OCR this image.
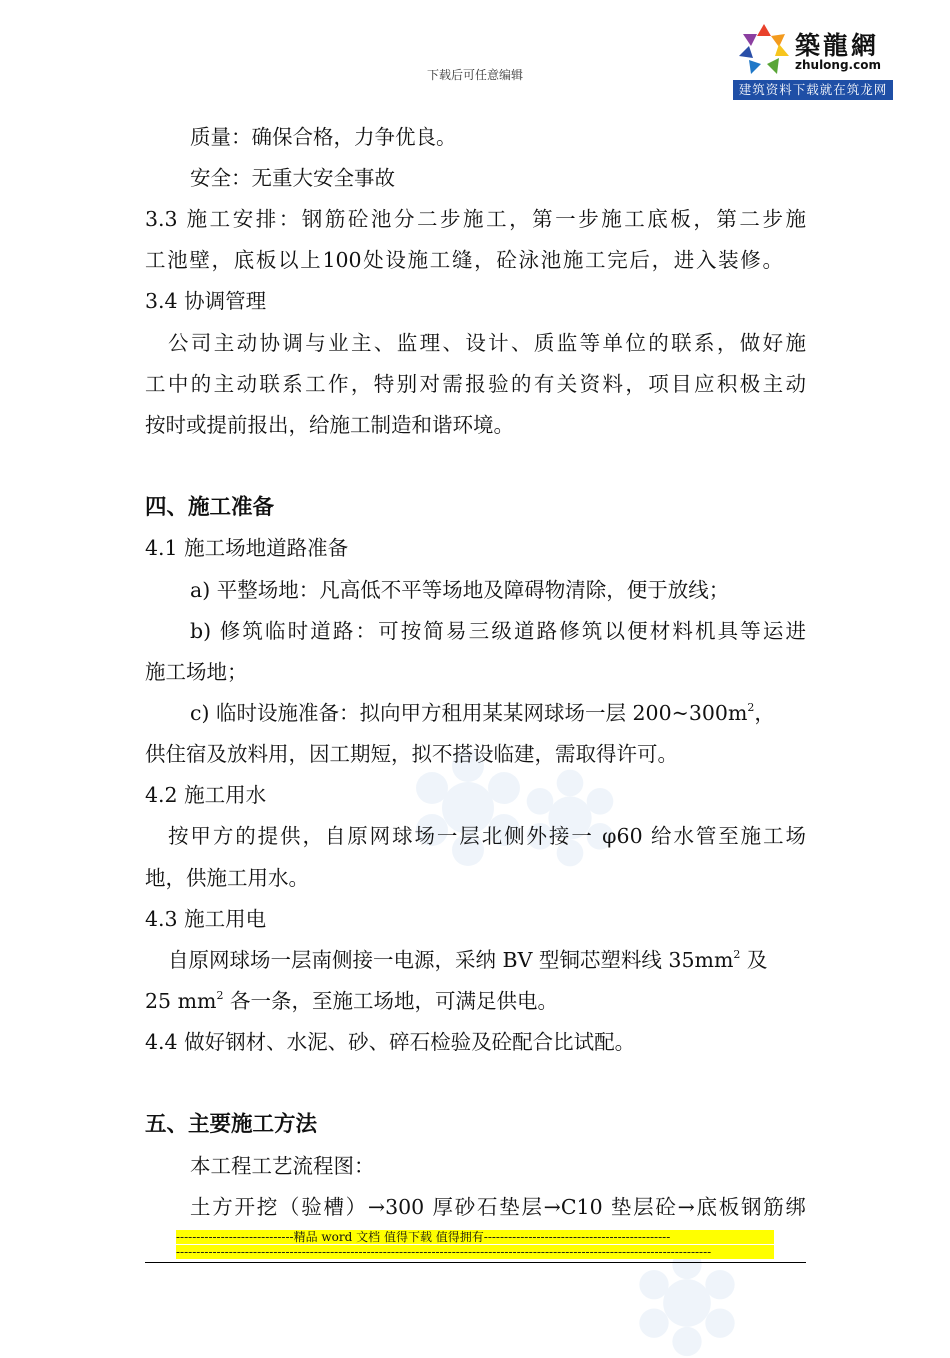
下载后可任意编辑
築龍網
zhulong.com
建筑资料下载就在筑龙网
质量：确保合格，力争优良。
安全：无重大安全事故
3.3 施工安排：钢筋砼池分二步施工，第一步施工底板，第二步施
工池壁，底板以上100处设施工缝，砼泳池施工完后，进入装修。
3.4 协调管理
公司主动协调与业主、监理、设计、质监等单位的联系，做好施
工中的主动联系工作，特别对需报验的有关资料，项目应积极主动
按时或提前报出，给施工制造和谐环境。
四、施工准备
4.1 施工场地道路准备
a) 平整场地：凡高低不平等场地及障碍物清除，便于放线；
b) 修筑临时道路：可按简易三级道路修筑以便材料机具等运进
施工场地；
c) 临时设施准备：拟向甲方租用某某网球场一层 $200\sim 300m^2$，
供住宿及放料用，因工期短，拟不搭设临建，需取得许可。
4.2 施工用水
按甲方的提供，自原网球场一层北侧外接一 φ60 给水管至施工场
地，供施工用水。
4.3 施工用电
自原网球场一层南侧接一电源，采纳 BV 型铜芯塑料线 $35mm^2$ 及
25 $mm^2$ 各一条，至施工场地，可满足供电。
4.4 做好钢材、水泥、砂、碎石检验及砼配合比试配。
五、主要施工方法
本工程工艺流程图：
土方开挖（验槽）→300 厚砂石垫层→C10 垫层砼→底板钢筋绑
-----------------------------精品 word 文档 值得下载 值得拥有----------------------------------------------
------------------------------------------------------------------------------------------------------------------------------------
